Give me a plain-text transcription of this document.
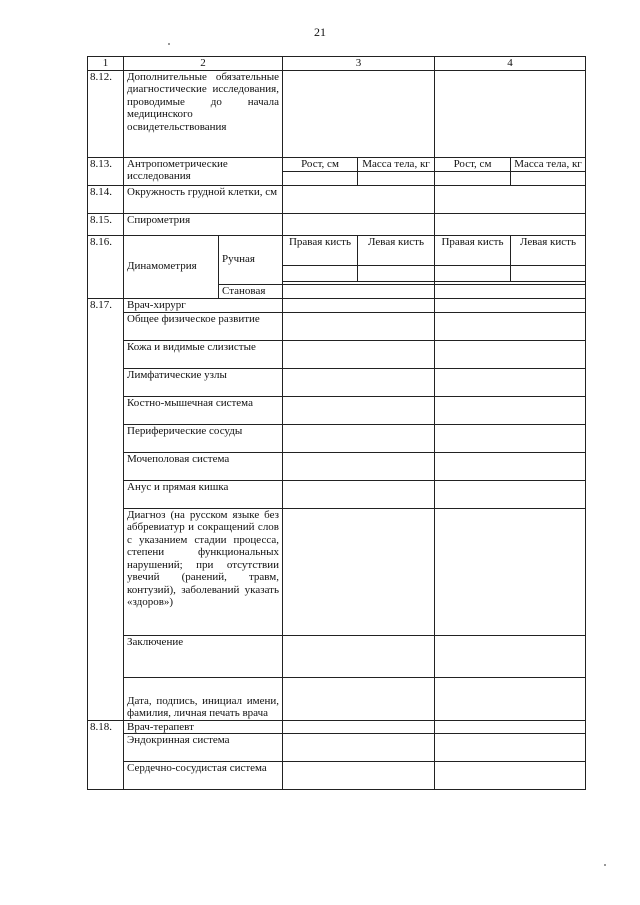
21
1	2		3		4	
8.12.	Дополнительные обязательные диагностические исследования, проводимые до начала медицинского освидетельствования					
8.13.	Антропометрические исследования		Рост, см	Масса тела, кг	Рост, см	Масса тела, кг

8.14.	Окружность грудной клетки, см					
8.15.	Спирометрия					
8.16.	Динамометрия	Ручная	Правая кисть	Левая кисть	Правая кисть	Левая кисть

		Становая				
8.17.	Врач-хирург					
	Общее физическое развитие					
	Кожа и видимые слизистые					
	Лимфатические узлы					
	Костно-мышечная система					
	Периферические сосуды					
	Мочеполовая система					
	Анус и прямая кишка					
	Диагноз (на русском языке без аббревиатур и сокращений слов с указанием стадии процесса, степени функциональных нарушений; при отсутствии увечий (ранений, травм, контузий), заболеваний указать «здоров»)					
	Заключение					
	Дата, подпись, инициал имени, фамилия, личная печать врача					
8.18.	Врач-терапевт					
	Эндокринная система					
	Сердечно-сосудистая система					
